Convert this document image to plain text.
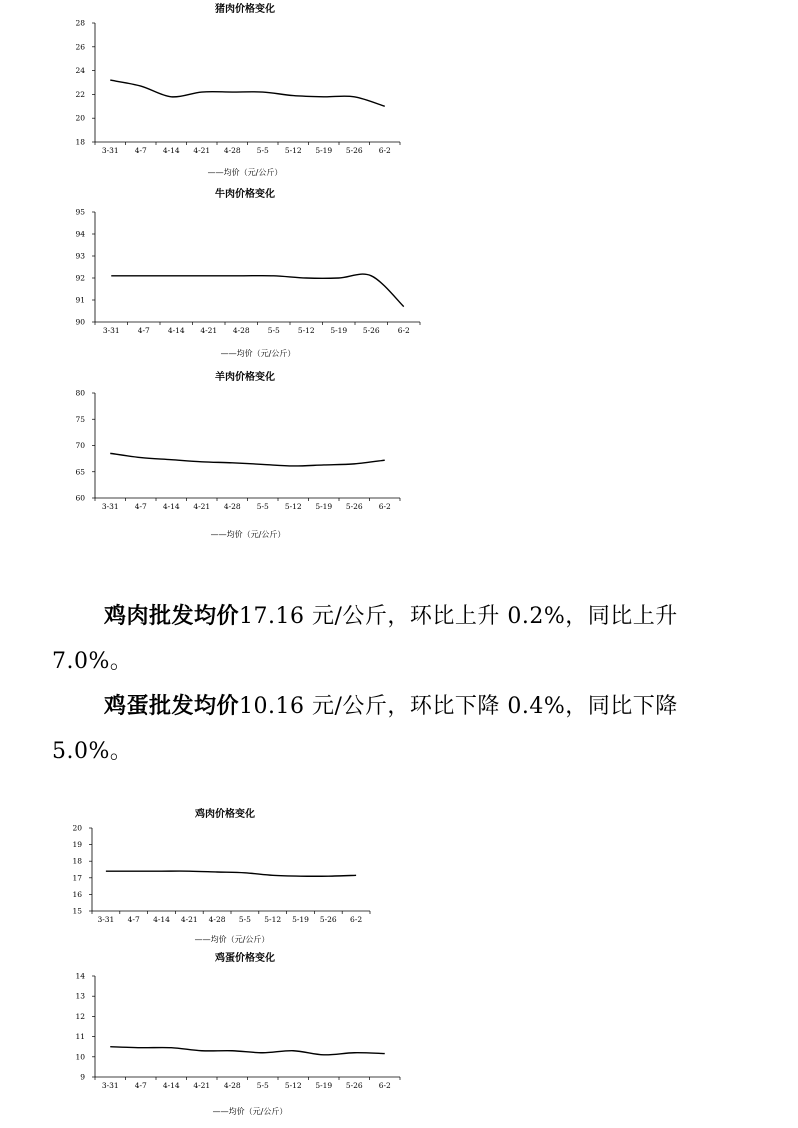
猪肉价格变化
18
20
22
24
26
28
3-31 4-7 4-14 4-21 4-28 5-5 5-12 5-19 5-26 6-2
——均价（元/公斤）
牛肉价格变化
90
91
92
93
94
95
3-31 4-7 4-14 4-21 4-28 5-5 5-12 5-19 5-26 6-2
——均价（元/公斤）
羊肉价格变化
60
65
70
75
80
3-31 4-7 4-14 4-21 4-28 5-5 5-12 5-19 5-26 6-2
——均价（元/公斤）
鸡肉批发均价17.16 元/公斤，环比上升 0.2%，同比上升 7.0%。
鸡蛋批发均价10.16 元/公斤，环比下降 0.4%，同比下降 5.0%。
鸡肉价格变化
15
16
17
18
19
20
3-31 4-7 4-14 4-21 4-28 5-5 5-12 5-19 5-26 6-2
——均价（元/公斤）
鸡蛋价格变化
9
10
11
12
13
14
3-31 4-7 4-14 4-21 4-28 5-5 5-12 5-19 5-26 6-2
——均价（元/公斤）
